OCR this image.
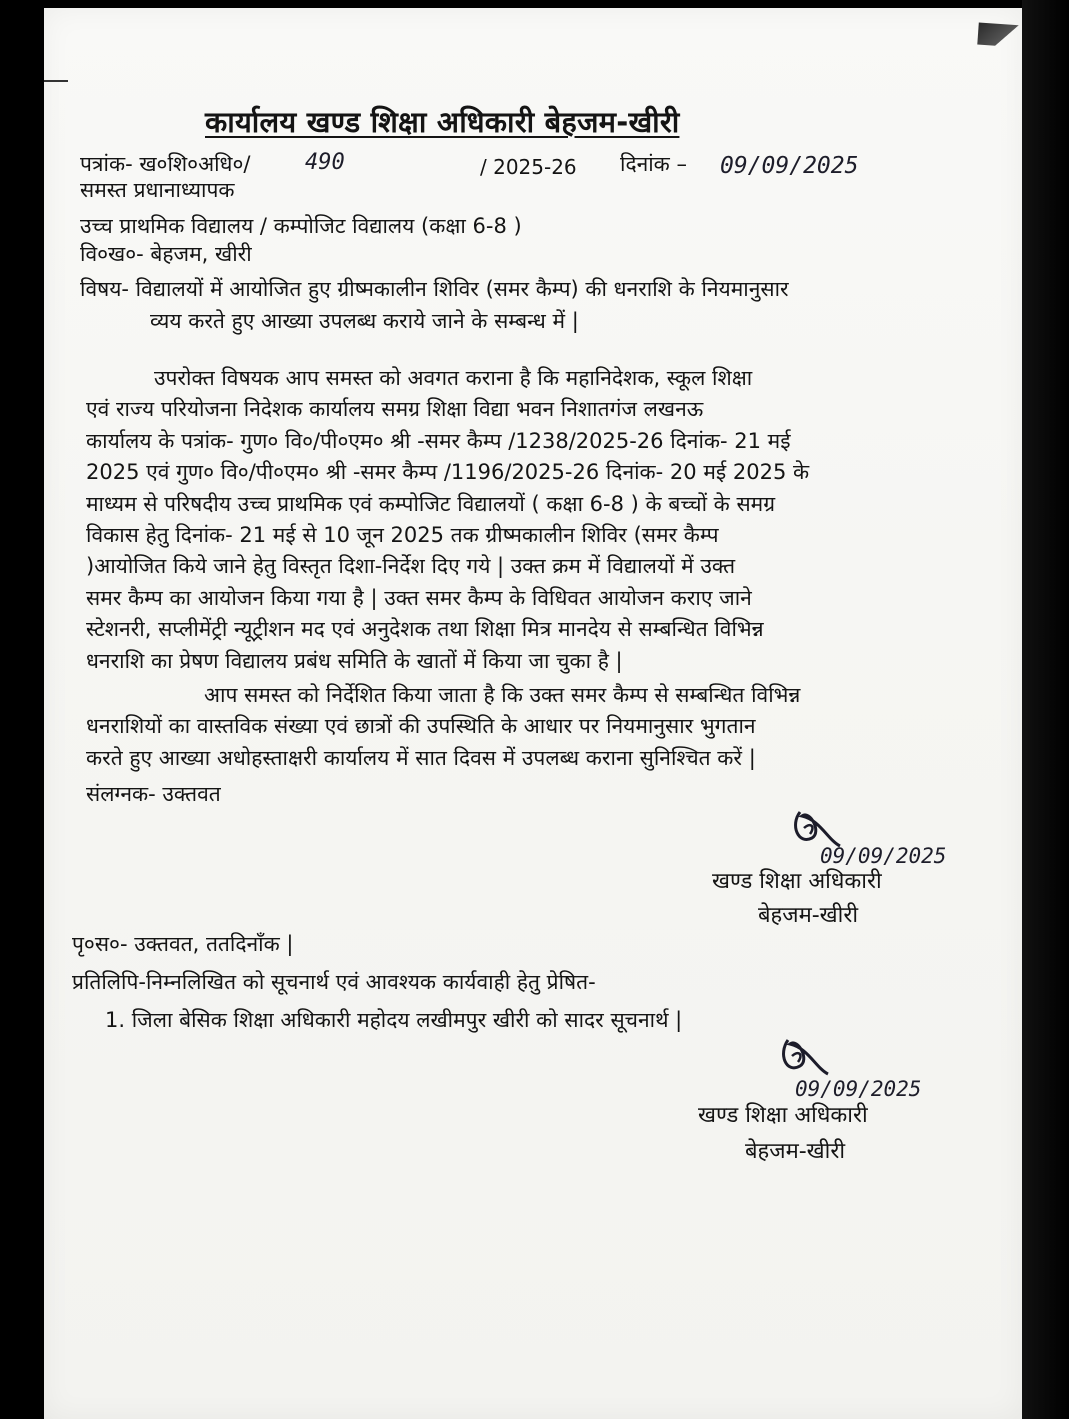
कार्यालय खण्ड शिक्षा अधिकारी बेहजम-खीरी
पत्रांक- ख०शि०अधि०/ 490	/ 2025-26 दिनांक – 09/09/2025
समस्त प्रधानाध्यापक
उच्च प्राथमिक विद्यालय / कम्पोजिट विद्यालय (कक्षा 6-8 )
वि०ख०- बेहजम, खीरी
विषय- विद्यालयों में आयोजित हुए ग्रीष्मकालीन शिविर (समर कैम्प) की धनराशि के नियमानुसार
व्यय करते हुए आख्या उपलब्ध कराये जाने के सम्बन्ध में |
उपरोक्त विषयक आप समस्त को अवगत कराना है कि महानिदेशक, स्कूल शिक्षा
एवं राज्य परियोजना निदेशक कार्यालय समग्र शिक्षा विद्या भवन निशातगंज लखनऊ
कार्यालय के पत्रांक- गुण० वि०/पी०एम० श्री -समर कैम्प /1238/2025-26 दिनांक- 21 मई
2025 एवं गुण० वि०/पी०एम० श्री -समर कैम्प /1196/2025-26 दिनांक- 20 मई 2025 के
माध्यम से परिषदीय उच्च प्राथमिक एवं कम्पोजिट विद्यालयों ( कक्षा 6-8 ) के बच्चों के समग्र
विकास हेतु दिनांक- 21 मई से 10 जून 2025 तक ग्रीष्मकालीन शिविर (समर कैम्प
)आयोजित किये जाने हेतु विस्तृत दिशा-निर्देश दिए गये | उक्त क्रम में विद्यालयों में उक्त
समर कैम्प का आयोजन किया गया है | उक्त समर कैम्प के विधिवत आयोजन कराए जाने
स्टेशनरी, सप्लीमेंट्री न्यूट्रीशन मद एवं अनुदेशक तथा शिक्षा मित्र मानदेय से सम्बन्धित विभिन्न
धनराशि का प्रेषण विद्यालय प्रबंध समिति के खातों में किया जा चुका है |
आप समस्त को निर्देशित किया जाता है कि उक्त समर कैम्प से सम्बन्धित विभिन्न
धनराशियों का वास्तविक संख्या एवं छात्रों की उपस्थिति के आधार पर नियमानुसार भुगतान
करते हुए आख्या अधोहस्ताक्षरी कार्यालय में सात दिवस में उपलब्ध कराना सुनिश्चित करें |
संलग्नक- उक्तवत
09/09/2025
खण्ड शिक्षा अधिकारी
बेहजम-खीरी
पृ०स०- उक्तवत, ततदिनाँक |
प्रतिलिपि-निम्नलिखित को सूचनार्थ एवं आवश्यक कार्यवाही हेतु प्रेषित-
1. जिला बेसिक शिक्षा अधिकारी महोदय लखीमपुर खीरी को सादर सूचनार्थ |
09/09/2025
खण्ड शिक्षा अधिकारी
बेहजम-खीरी
